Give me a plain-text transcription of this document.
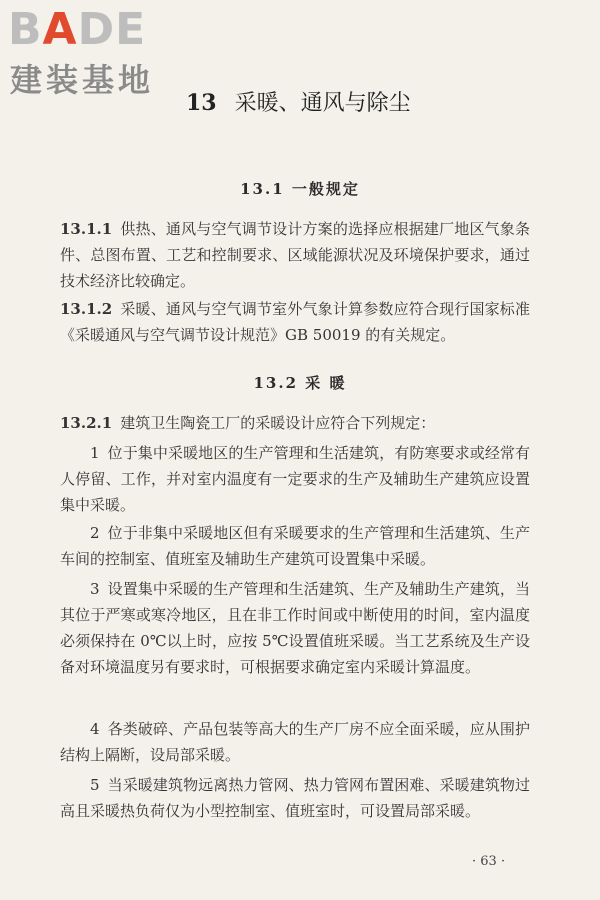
BADE
建装基地
13 采暖、通风与除尘
13.1 一般规定
13.1.1 供热、通风与空气调节设计方案的选择应根据建厂地区气象条件、总图布置、工艺和控制要求、区域能源状况及环境保护要求，通过技术经济比较确定。
13.1.2 采暖、通风与空气调节室外气象计算参数应符合现行国家标准《采暖通风与空气调节设计规范》GB 50019 的有关规定。
13.2 采 暖
13.2.1 建筑卫生陶瓷工厂的采暖设计应符合下列规定：
1 位于集中采暖地区的生产管理和生活建筑，有防寒要求或经常有人停留、工作，并对室内温度有一定要求的生产及辅助生产建筑应设置集中采暖。
2 位于非集中采暖地区但有采暖要求的生产管理和生活建筑、生产车间的控制室、值班室及辅助生产建筑可设置集中采暖。
3 设置集中采暖的生产管理和生活建筑、生产及辅助生产建筑，当其位于严寒或寒冷地区，且在非工作时间或中断使用的时间，室内温度必须保持在 0℃以上时，应按 5℃设置值班采暖。当工艺系统及生产设备对环境温度另有要求时，可根据要求确定室内采暖计算温度。
4 各类破碎、产品包装等高大的生产厂房不应全面采暖，应从围护结构上隔断，设局部采暖。
5 当采暖建筑物远离热力管网、热力管网布置困难、采暖建筑物过高且采暖热负荷仅为小型控制室、值班室时，可设置局部采暖。
· 63 ·
